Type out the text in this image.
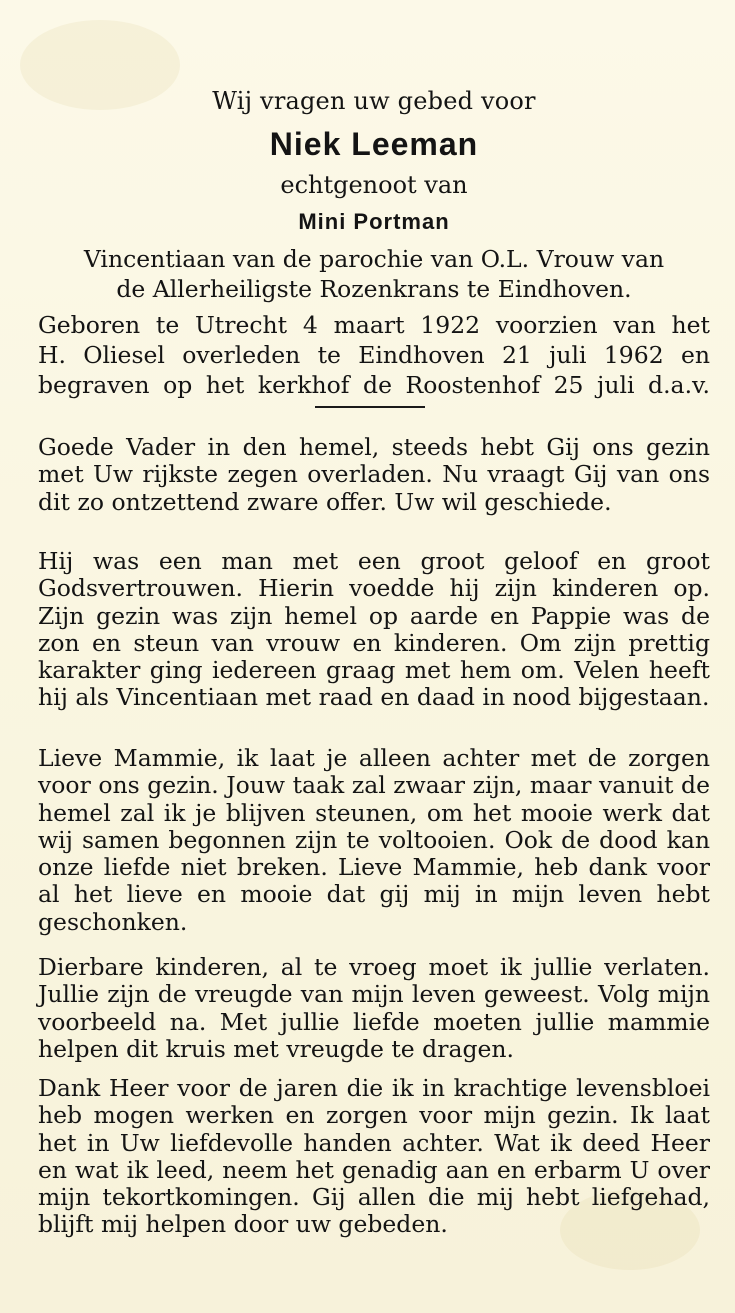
Wij vragen uw gebed voor
Niek Leeman
echtgenoot van
Mini Portman
Vincentiaan van de parochie van O.L. Vrouw van
de Allerheiligste Rozenkrans te Eindhoven.
Geboren te Utrecht 4 maart 1922 voorzien van het
H. Oliesel overleden te Eindhoven 21 juli 1962 en
begraven op het kerkhof de Roostenhof 25 juli d.a.v.
Goede Vader in den hemel, steeds hebt Gij ons gezin met Uw rijkste zegen overladen. Nu vraagt Gij van ons dit zo ontzettend zware offer. Uw wil geschiede.
Hij was een man met een groot geloof en groot Godsvertrouwen. Hierin voedde hij zijn kinderen op. Zijn gezin was zijn hemel op aarde en Pappie was de zon en steun van vrouw en kinderen. Om zijn prettig karakter ging iedereen graag met hem om. Velen heeft hij als Vincentiaan met raad en daad in nood bijgestaan.
Lieve Mammie, ik laat je alleen achter met de zorgen voor ons gezin. Jouw taak zal zwaar zijn, maar vanuit de hemel zal ik je blijven steunen, om het mooie werk dat wij samen begonnen zijn te voltooien. Ook de dood kan onze liefde niet breken. Lieve Mammie, heb dank voor al het lieve en mooie dat gij mij in mijn leven hebt geschonken.
Dierbare kinderen, al te vroeg moet ik jullie verlaten. Jullie zijn de vreugde van mijn leven geweest. Volg mijn voorbeeld na. Met jullie liefde moeten jullie mammie helpen dit kruis met vreugde te dragen.
Dank Heer voor de jaren die ik in krachtige levensbloei heb mogen werken en zorgen voor mijn gezin. Ik laat het in Uw liefdevolle handen achter. Wat ik deed Heer en wat ik leed, neem het genadig aan en erbarm U over mijn tekortkomingen. Gij allen die mij hebt liefgehad, blijft mij helpen door uw gebeden.
